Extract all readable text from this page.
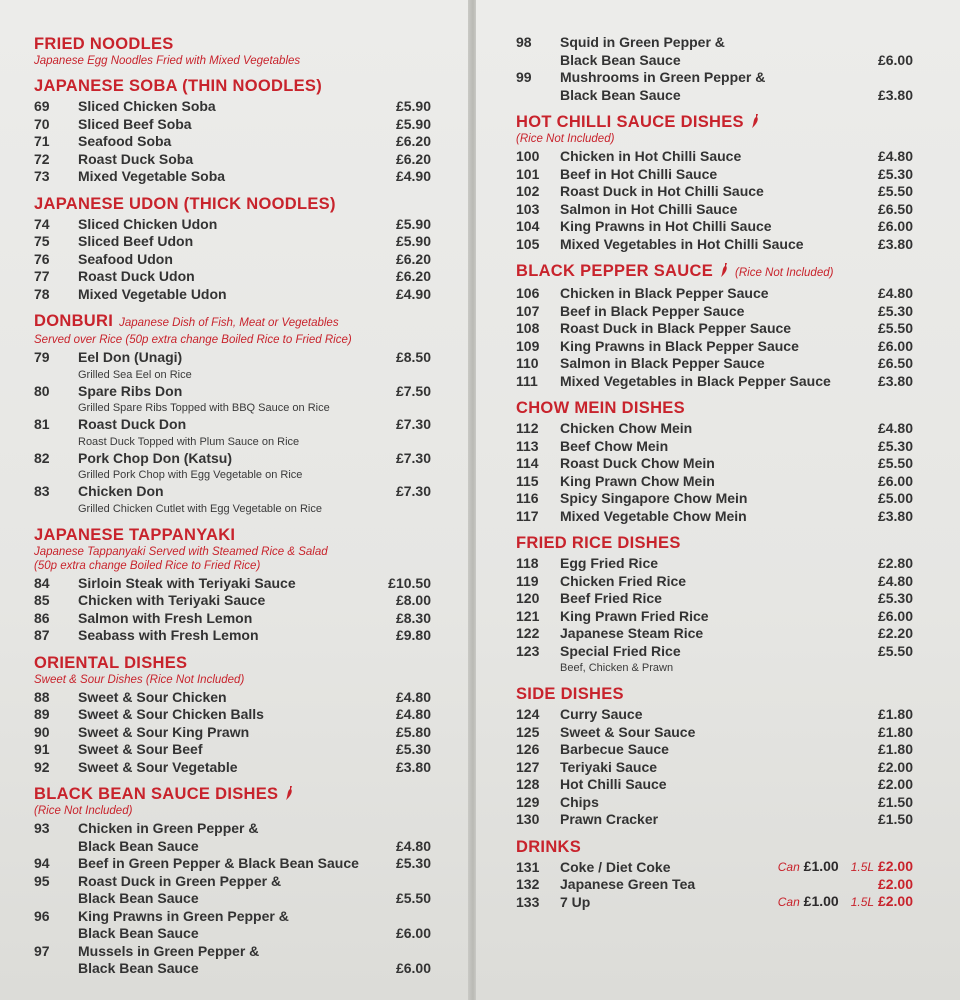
FRIED NOODLES
Japanese Egg Noodles Fried with Mixed Vegetables
JAPANESE SOBA (THIN NOODLES)
69	Sliced Chicken Soba	£5.90
70	Sliced Beef Soba	£5.90
71	Seafood Soba	£6.20
72	Roast Duck Soba	£6.20
73	Mixed Vegetable Soba	£4.90
JAPANESE UDON (THICK NOODLES)
74	Sliced Chicken Udon	£5.90
75	Sliced Beef Udon	£5.90
76	Seafood Udon	£6.20
77	Roast Duck Udon	£6.20
78	Mixed Vegetable Udon	£4.90
DONBURI Japanese Dish of Fish, Meat or Vegetables
Served over Rice (50p extra change Boiled Rice to Fried Rice)
79	Eel Don (Unagi)	£8.50
Grilled Sea Eel on Rice
80	Spare Ribs Don	£7.50
Grilled Spare Ribs Topped with BBQ Sauce on Rice
81	Roast Duck Don	£7.30
Roast Duck Topped with Plum Sauce on Rice
82	Pork Chop Don (Katsu)	£7.30
Grilled Pork Chop with Egg Vegetable on Rice
83	Chicken Don	£7.30
Grilled Chicken Cutlet with Egg Vegetable on Rice
JAPANESE TAPPANYAKI
Japanese Tappanyaki Served with Steamed Rice & Salad
(50p extra change Boiled Rice to Fried Rice)
84	Sirloin Steak with Teriyaki Sauce	£10.50
85	Chicken with Teriyaki Sauce	£8.00
86	Salmon with Fresh Lemon	£8.30
87	Seabass with Fresh Lemon	£9.80
ORIENTAL DISHES
Sweet & Sour Dishes (Rice Not Included)
88	Sweet & Sour Chicken	£4.80
89	Sweet & Sour Chicken Balls	£4.80
90	Sweet & Sour King Prawn	£5.80
91	Sweet & Sour Beef	£5.30
92	Sweet & Sour Vegetable	£3.80
BLACK BEAN SAUCE DISHES
(Rice Not Included)
93	Chicken in Green Pepper &
Black Bean Sauce	£4.80
94	Beef in Green Pepper & Black Bean Sauce	£5.30
95	Roast Duck in Green Pepper &
Black Bean Sauce	£5.50
96	King Prawns in Green Pepper &
Black Bean Sauce	£6.00
97	Mussels in Green Pepper &
Black Bean Sauce	£6.00
98	Squid in Green Pepper &
Black Bean Sauce	£6.00
99	Mushrooms in Green Pepper &
Black Bean Sauce	£3.80
HOT CHILLI SAUCE DISHES
(Rice Not Included)
100	Chicken in Hot Chilli Sauce	£4.80
101	Beef in Hot Chilli Sauce	£5.30
102	Roast Duck in Hot Chilli Sauce	£5.50
103	Salmon in Hot Chilli Sauce	£6.50
104	King Prawns in Hot Chilli Sauce	£6.00
105	Mixed Vegetables in Hot Chilli Sauce	£3.80
BLACK PEPPER SAUCE (Rice Not Included)
106	Chicken in Black Pepper Sauce	£4.80
107	Beef in Black Pepper Sauce	£5.30
108	Roast Duck in Black Pepper Sauce	£5.50
109	King Prawns in Black Pepper Sauce	£6.00
110	Salmon in Black Pepper Sauce	£6.50
111	Mixed Vegetables in Black Pepper Sauce	£3.80
CHOW MEIN DISHES
112	Chicken Chow Mein	£4.80
113	Beef Chow Mein	£5.30
114	Roast Duck Chow Mein	£5.50
115	King Prawn Chow Mein	£6.00
116	Spicy Singapore Chow Mein	£5.00
117	Mixed Vegetable Chow Mein	£3.80
FRIED RICE DISHES
118	Egg Fried Rice	£2.80
119	Chicken Fried Rice	£4.80
120	Beef Fried Rice	£5.30
121	King Prawn Fried Rice	£6.00
122	Japanese Steam Rice	£2.20
123	Special Fried Rice	£5.50
Beef, Chicken & Prawn
SIDE DISHES
124	Curry Sauce	£1.80
125	Sweet & Sour Sauce	£1.80
126	Barbecue Sauce	£1.80
127	Teriyaki Sauce	£2.00
128	Hot Chilli Sauce	£2.00
129	Chips	£1.50
130	Prawn Cracker	£1.50
DRINKS
131	Coke / Diet Coke	Can £1.00 1.5L £2.00
132	Japanese Green Tea	£2.00
133	7 Up	Can £1.00 1.5L £2.00
